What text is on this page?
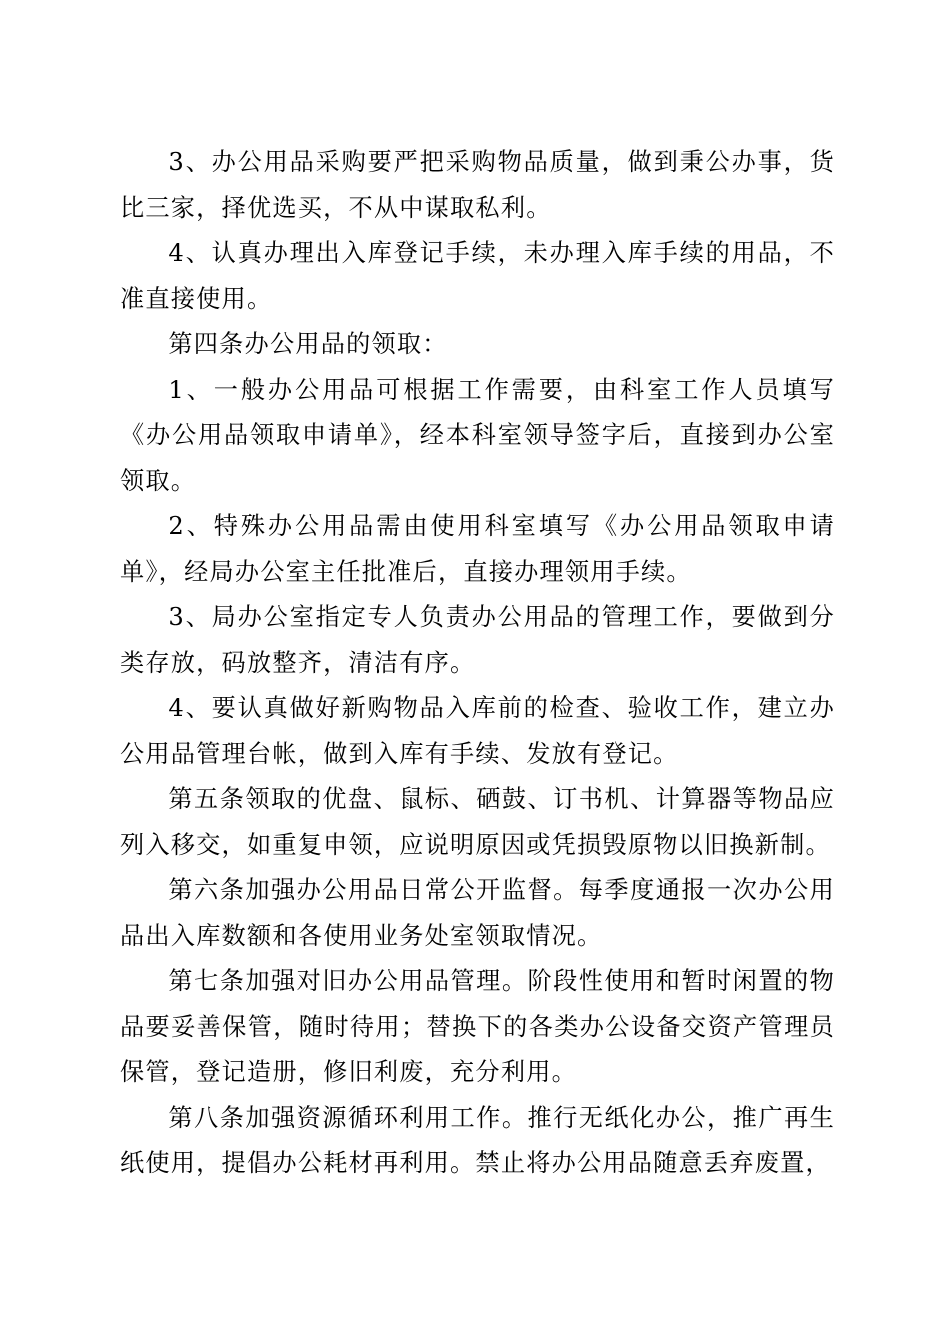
3、办公用品采购要严把采购物品质量，做到秉公办事，货比三家，择优选买，不从中谋取私利。

4、认真办理出入库登记手续，未办理入库手续的用品，不准直接使用。

第四条办公用品的领取：

1、一般办公用品可根据工作需要，由科室工作人员填写《办公用品领取申请单》，经本科室领导签字后，直接到办公室领取。

2、特殊办公用品需由使用科室填写《办公用品领取申请单》，经局办公室主任批准后，直接办理领用手续。

3、局办公室指定专人负责办公用品的管理工作，要做到分类存放，码放整齐，清洁有序。

4、要认真做好新购物品入库前的检查、验收工作，建立办公用品管理台帐，做到入库有手续、发放有登记。

第五条领取的优盘、鼠标、硒鼓、订书机、计算器等物品应列入移交，如重复申领，应说明原因或凭损毁原物以旧换新制。

第六条加强办公用品日常公开监督。每季度通报一次办公用品出入库数额和各使用业务处室领取情况。

第七条加强对旧办公用品管理。阶段性使用和暂时闲置的物品要妥善保管，随时待用；替换下的各类办公设备交资产管理员保管，登记造册，修旧利废，充分利用。

第八条加强资源循环利用工作。推行无纸化办公，推广再生纸使用，提倡办公耗材再利用。禁止将办公用品随意丢弃废置，
